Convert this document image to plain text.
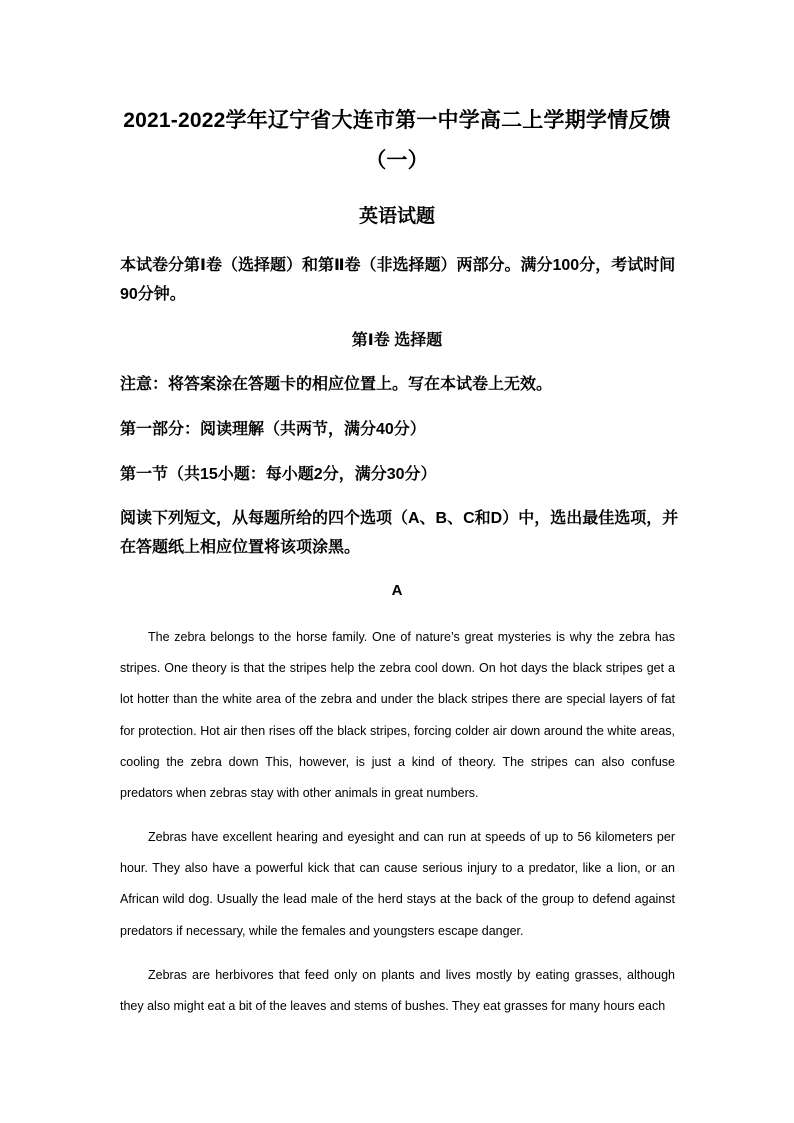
2021-2022学年辽宁省大连市第一中学高二上学期学情反馈
（一）
英语试题
本试卷分第Ⅰ卷（选择题）和第Ⅱ卷（非选择题）两部分。满分100分，考试时间90分钟。
第Ⅰ卷 选择题
注意：将答案涂在答题卡的相应位置上。写在本试卷上无效。
第一部分：阅读理解（共两节，满分40分）
第一节（共15小题：每小题2分，满分30分）
阅读下列短文，从每题所给的四个选项（A、B、C和D）中，选出最佳选项，并在答题纸上相应位置将该项涂黑。
A
The zebra belongs to the horse family. One of nature’s great mysteries is why the zebra has stripes. One theory is that the stripes help the zebra cool down. On hot days the black stripes get a lot hotter than the white area of the zebra and under the black stripes there are special layers of fat for protection. Hot air then rises off the black stripes, forcing colder air down around the white areas, cooling the zebra down This, however, is just a kind of theory. The stripes can also confuse predators when zebras stay with other animals in great numbers.
Zebras have excellent hearing and eyesight and can run at speeds of up to 56 kilometers per hour. They also have a powerful kick that can cause serious injury to a predator, like a lion, or an African wild dog. Usually the lead male of the herd stays at the back of the group to defend against predators if necessary, while the females and youngsters escape danger.
Zebras are herbivores that feed only on plants and lives mostly by eating grasses, although they also might eat a bit of the leaves and stems of bushes. They eat grasses for many hours each
